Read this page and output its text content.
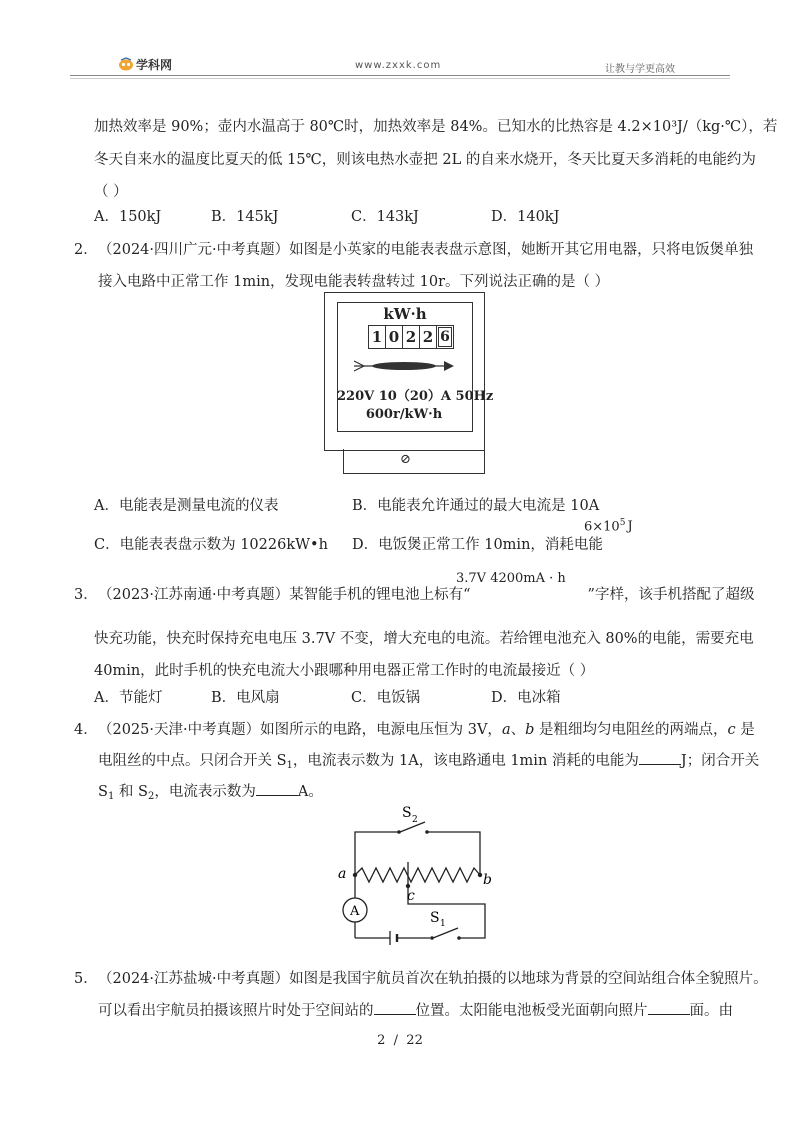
学科网	www.zxxk.com	让教与学更高效
加热效率是 90%；壶内水温高于 80℃时，加热效率是 84%。已知水的比热容是 4.2×10³J/（kg·℃），若
冬天自来水的温度比夏天的低 15℃，则该电热水壶把 2L 的自来水烧开，冬天比夏天多消耗的电能约为
（ ）
A．150kJ	B．145kJ	C．143kJ	D．140kJ
2． （2024·四川广元·中考真题）如图是小英家的电能表表盘示意图，她断开其它用电器，只将电饭煲单独
接入电路中正常工作 1min，发现电能表转盘转过 10r。下列说法正确的是（ ）
kW·h
1 0 2 2 6
220V 10（20）A 50Hz
600r/kW·h
⊘
A．电能表是测量电流的仪表	B．电能表允许通过的最大电流是 10A
C．电能表表盘示数为 10226kW•h D．电饭煲正常工作 10min，消耗电能
$6\times 10^5$ J
3． （2023·江苏南通·中考真题）某智能手机的锂电池上标有“	”字样，该手机搭配了超级
3.7V 4200mA · h
快充功能，快充时保持充电电压 3.7V 不变，增大充电的电流。若给锂电池充入 80%的电能，需要充电
40min，此时手机的快充电流大小跟哪种用电器正常工作时的电流最接近（ ）
A．节能灯	B．电风扇	C．电饭锅	D．电冰箱
4． （2025·天津·中考真题）如图所示的电路，电源电压恒为 3V，a、b 是粗细均匀电阻丝的两端点，c 是
电阻丝的中点。只闭合开关 $S_1$，电流表示数为 1A，该电路通电 1min 消耗的电能为	J；闭合开关
$S_1$ 和 $S_2$，电流表示数为	A。
A
S 2
S 1
a	b
c
5． （2024·江苏盐城·中考真题）如图是我国宇航员首次在轨拍摄的以地球为背景的空间站组合体全貌照片。
可以看出宇航员拍摄该照片时处于空间站的	位置。太阳能电池板受光面朝向照片	面。由
2  /  22
